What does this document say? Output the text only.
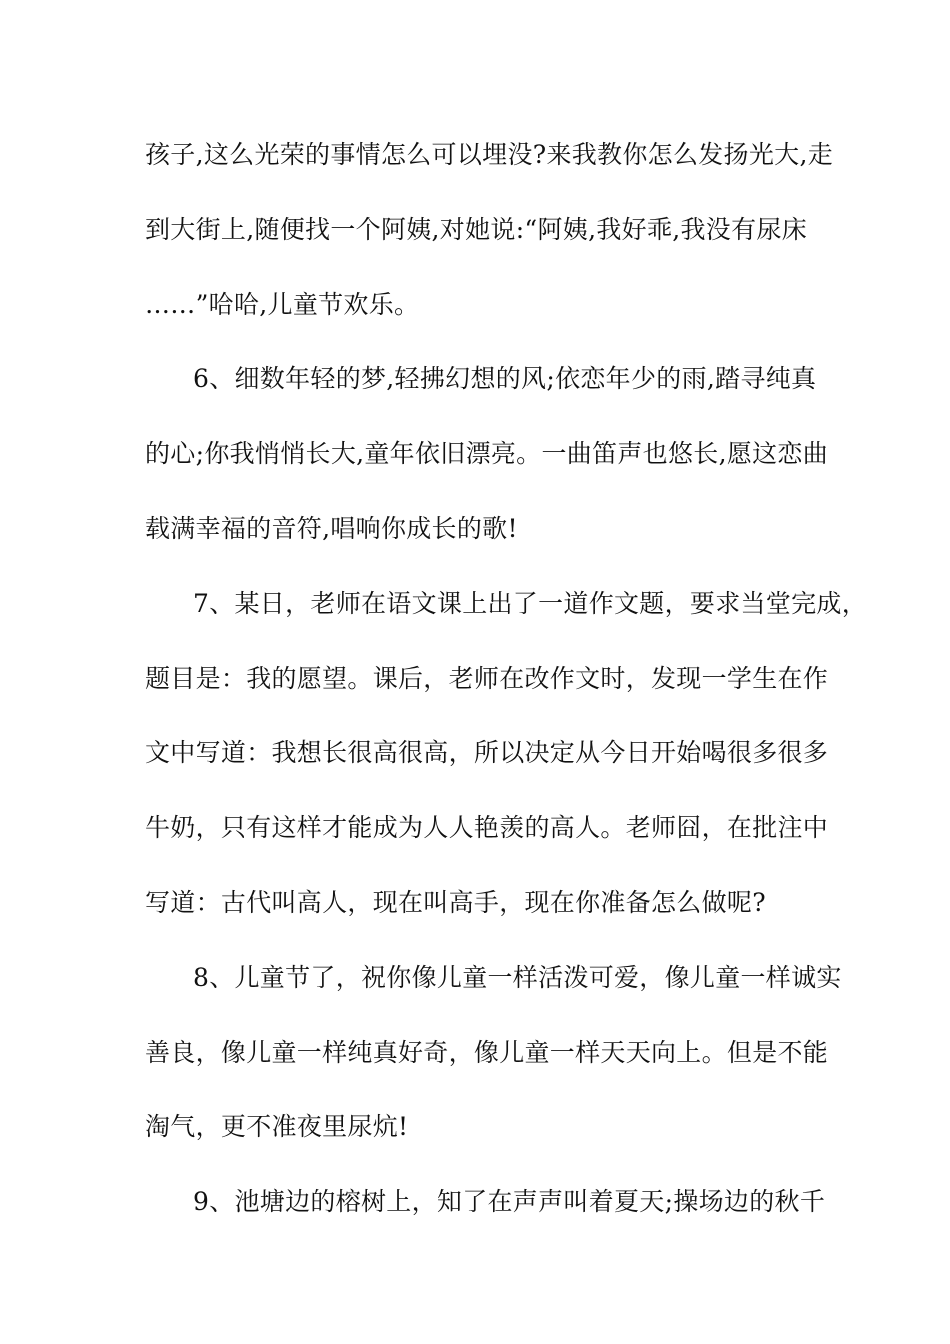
孩子,这么光荣的事情怎么可以埋没?来我教你怎么发扬光大,走
到大街上,随便找一个阿姨,对她说:“阿姨,我好乖,我没有尿床
……”哈哈,儿童节欢乐。
6、细数年轻的梦,轻拂幻想的风;依恋年少的雨,踏寻纯真
的心;你我悄悄长大,童年依旧漂亮。一曲笛声也悠长,愿这恋曲
载满幸福的音符,唱响你成长的歌!
7、某日，老师在语文课上出了一道作文题，要求当堂完成，
题目是：我的愿望。课后，老师在改作文时，发现一学生在作
文中写道：我想长很高很高，所以决定从今日开始喝很多很多
牛奶，只有这样才能成为人人艳羡的高人。老师囧，在批注中
写道：古代叫高人，现在叫高手，现在你准备怎么做呢?
8、儿童节了，祝你像儿童一样活泼可爱，像儿童一样诚实
善良，像儿童一样纯真好奇，像儿童一样天天向上。但是不能
淘气，更不准夜里尿炕!
9、池塘边的榕树上，知了在声声叫着夏天;操场边的秋千
